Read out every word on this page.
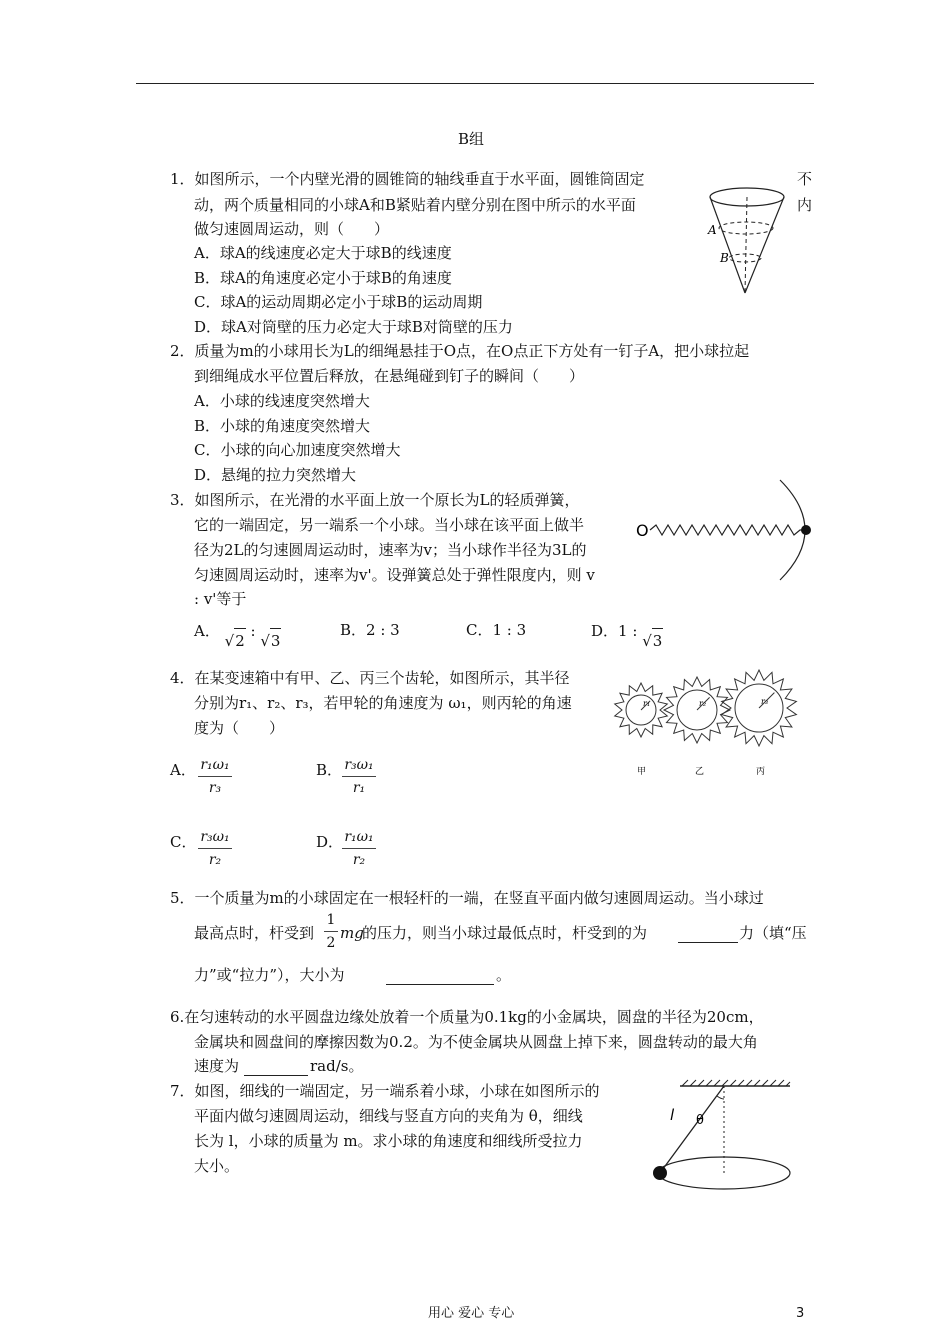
B组
1．如图所示，一个内壁光滑的圆锥筒的轴线垂直于水平面，圆锥筒固定	不
动，两个质量相同的小球A和B紧贴着内壁分别在图中所示的水平面	内
做匀速圆周运动，则（　　）
A．球A的线速度必定大于球B的线速度
B．球A的角速度必定小于球B的角速度
C．球A的运动周期必定小于球B的运动周期
D．球A对筒壁的压力必定大于球B对筒壁的压力
A
B
2．质量为m的小球用长为L的细绳悬挂于O点，在O点正下方处有一钉子A，把小球拉起
到细绳成水平位置后释放，在悬绳碰到钉子的瞬间（　　）
A．小球的线速度突然增大
B．小球的角速度突然增大
C．小球的向心加速度突然增大
D．悬绳的拉力突然增大
3．如图所示，在光滑的水平面上放一个原长为L的轻质弹簧，
它的一端固定，另一端系一个小球。当小球在该平面上做半
径为2L的匀速圆周运动时，速率为v；当小球作半径为3L的
匀速圆周运动时，速率为v'。设弹簧总处于弹性限度内，则 v
: v'等于
A． √2 : √3
B．2 : 3	C．1 : 3	D．1 : √3
O
4．在某变速箱中有甲、乙、丙三个齿轮，如图所示，其半径
分别为r₁、r₂、r₃，若甲轮的角速度为 ω₁，则丙轮的角速
度为（　　）
A． r₁ω₁
r₃
B． r₃ω₁
r₁
C． r₃ω₁
r₂
D． r₁ω₁
r₂
甲	乙	丙
r₁	r₂	r₃
5．一个质量为m的小球固定在一根轻杆的一端，在竖直平面内做匀速圆周运动。当小球过
最高点时，杆受到
1
2
mg
的压力，则当小球过最低点时，杆受到的为	力（填“压
力”或“拉力”），大小为	。
6.在匀速转动的水平圆盘边缘处放着一个质量为0.1kg的小金属块，圆盘的半径为20cm，
金属块和圆盘间的摩擦因数为0.2。为不使金属块从圆盘上掉下来，圆盘转动的最大角
速度为	rad/s。
7．如图，细线的一端固定，另一端系着小球，小球在如图所示的
平面内做匀速圆周运动，细线与竖直方向的夹角为 θ，细线
长为 l，小球的质量为 m。求小球的角速度和细线所受拉力
大小。
l θ
用心 爱心 专心	3
